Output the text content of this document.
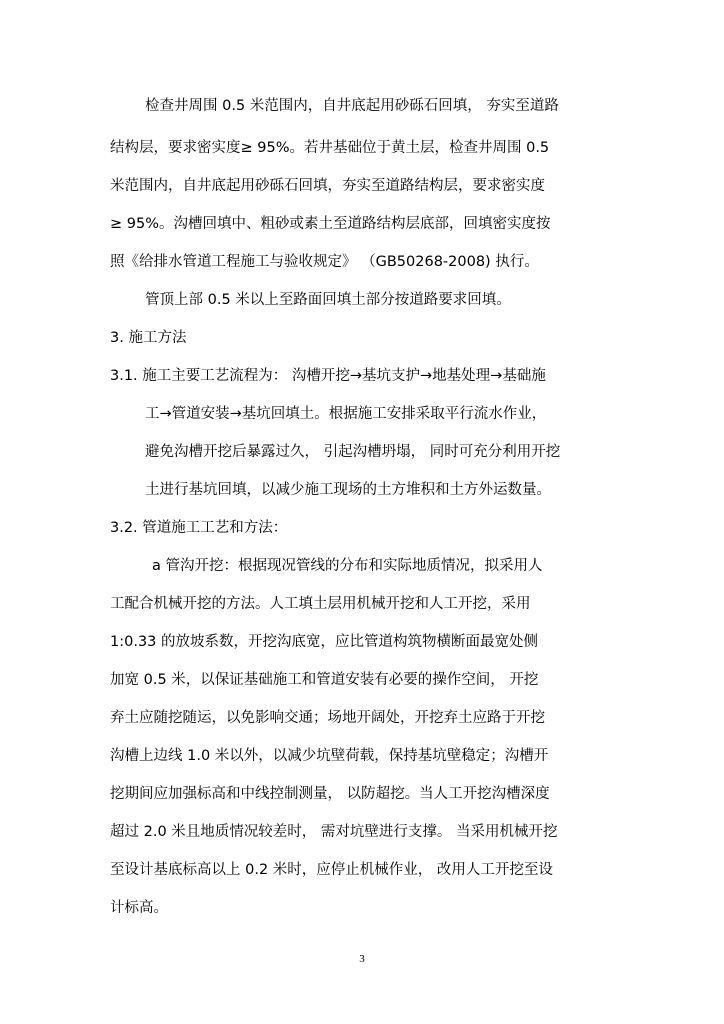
检查井周围 0.5 米范围内，自井底起用砂砾石回填， 夯实至道路
结构层，要求密实度≥ 95%。若井基础位于黄土层，检查井周围 0.5
米范围内，自井底起用砂砾石回填，夯实至道路结构层，要求密实度
≥ 95%。沟槽回填中、粗砂或素土至道路结构层底部，回填密实度按
照《给排水管道工程施工与验收规定》 （GB50268-2008) 执行。
管顶上部 0.5 米以上至路面回填土部分按道路要求回填。
3. 施工方法
3.1. 施工主要工艺流程为： 沟槽开挖→基坑支护→地基处理→基础施
工→管道安装→基坑回填土。根据施工安排采取平行流水作业，
避免沟槽开挖后暴露过久， 引起沟槽坍塌， 同时可充分利用开挖
土进行基坑回填，以减少施工现场的土方堆积和土方外运数量。
3.2. 管道施工工艺和方法：
a 管沟开挖：根据现况管线的分布和实际地质情况，拟采用人
工配合机械开挖的方法。人工填土层用机械开挖和人工开挖，采用
1:0.33 的放坡系数，开挖沟底宽，应比管道构筑物横断面最宽处侧
加宽 0.5 米，以保证基础施工和管道安装有必要的操作空间， 开挖
弃土应随挖随运，以免影响交通；场地开阔处，开挖弃土应路于开挖
沟槽上边线 1.0 米以外，以减少坑壁荷载，保持基坑壁稳定；沟槽开
挖期间应加强标高和中线控制测量， 以防超挖。当人工开挖沟槽深度
超过 2.0 米且地质情况较差时， 需对坑壁进行支撑。 当采用机械开挖
至设计基底标高以上 0.2 米时，应停止机械作业， 改用人工开挖至设
计标高。
3
